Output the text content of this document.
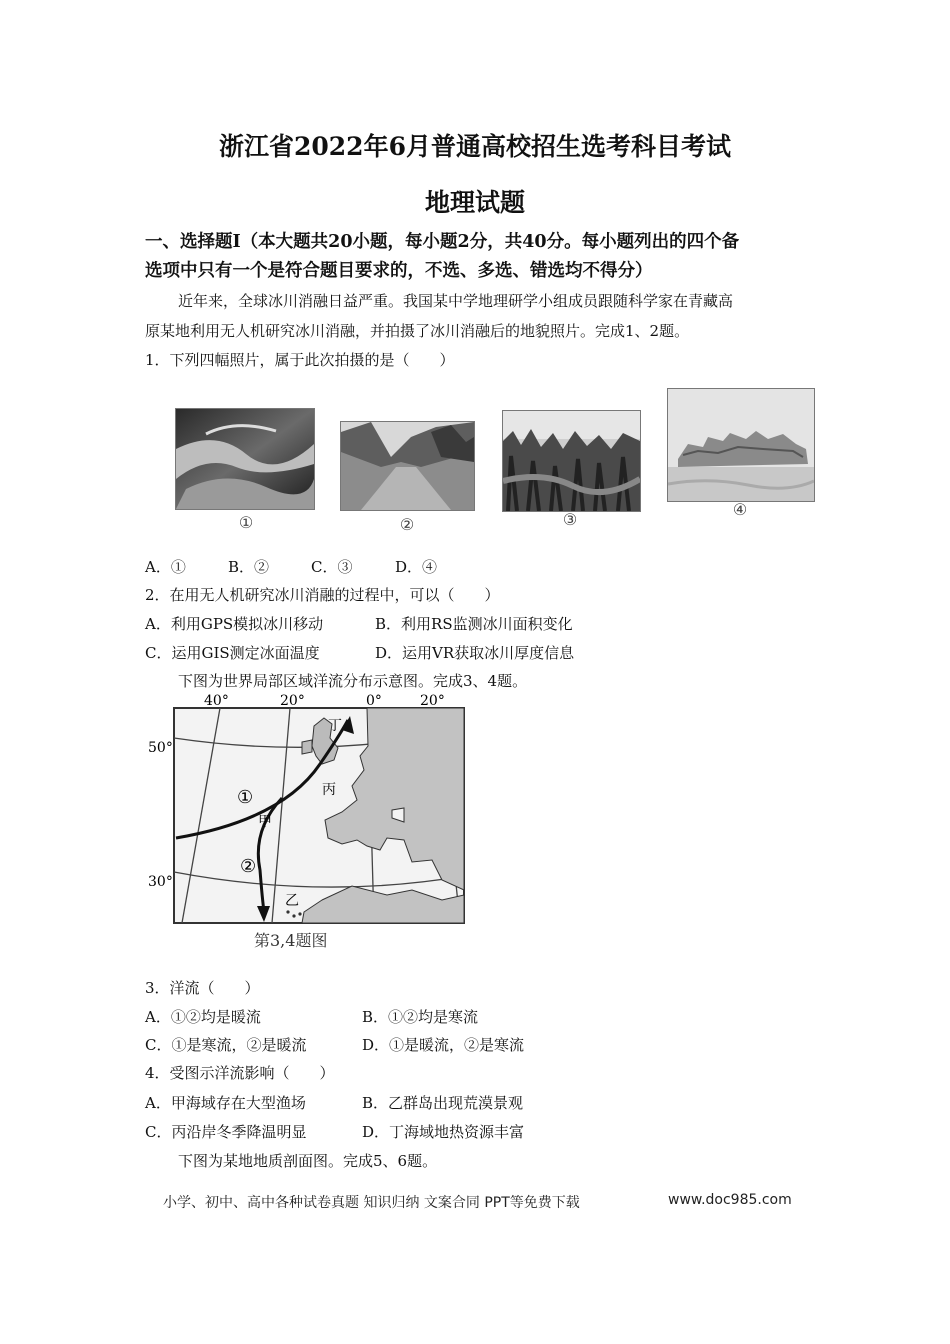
浙江省2022年6月普通高校招生选考科目考试
地理试题
一、选择题Ⅰ（本大题共20小题，每小题2分，共40分。每小题列出的四个备
选项中只有一个是符合题目要求的，不选、多选、错选均不得分）
近年来，全球冰川消融日益严重。我国某中学地理研学小组成员跟随科学家在青藏高
原某地利用无人机研究冰川消融，并拍摄了冰川消融后的地貌照片。完成1、2题。
1．下列四幅照片，属于此次拍摄的是（　　）
①	②	③
④
A．①	B．②	C．③	D．④
2．在用无人机研究冰川消融的过程中，可以（　　）
A．利用GPS模拟冰川移动	B．利用RS监测冰川面积变化
C．运用GIS测定冰面温度	D．运用VR获取冰川厚度信息
下图为世界局部区域洋流分布示意图。完成3、4题。
40°	20°	0°	20°
50°
30°
①
②
甲
乙
丙
丁
第3,4题图
3．洋流（　　）
A．①②均是暖流	B．①②均是寒流
C．①是寒流，②是暖流	D．①是暖流，②是寒流
4．受图示洋流影响（　　）
A．甲海域存在大型渔场	B．乙群岛出现荒漠景观
C．丙沿岸冬季降温明显	D．丁海域地热资源丰富
下图为某地地质剖面图。完成5、6题。
小学、初中、高中各种试卷真题 知识归纳 文案合同 PPT等免费下载	www.doc985.com
